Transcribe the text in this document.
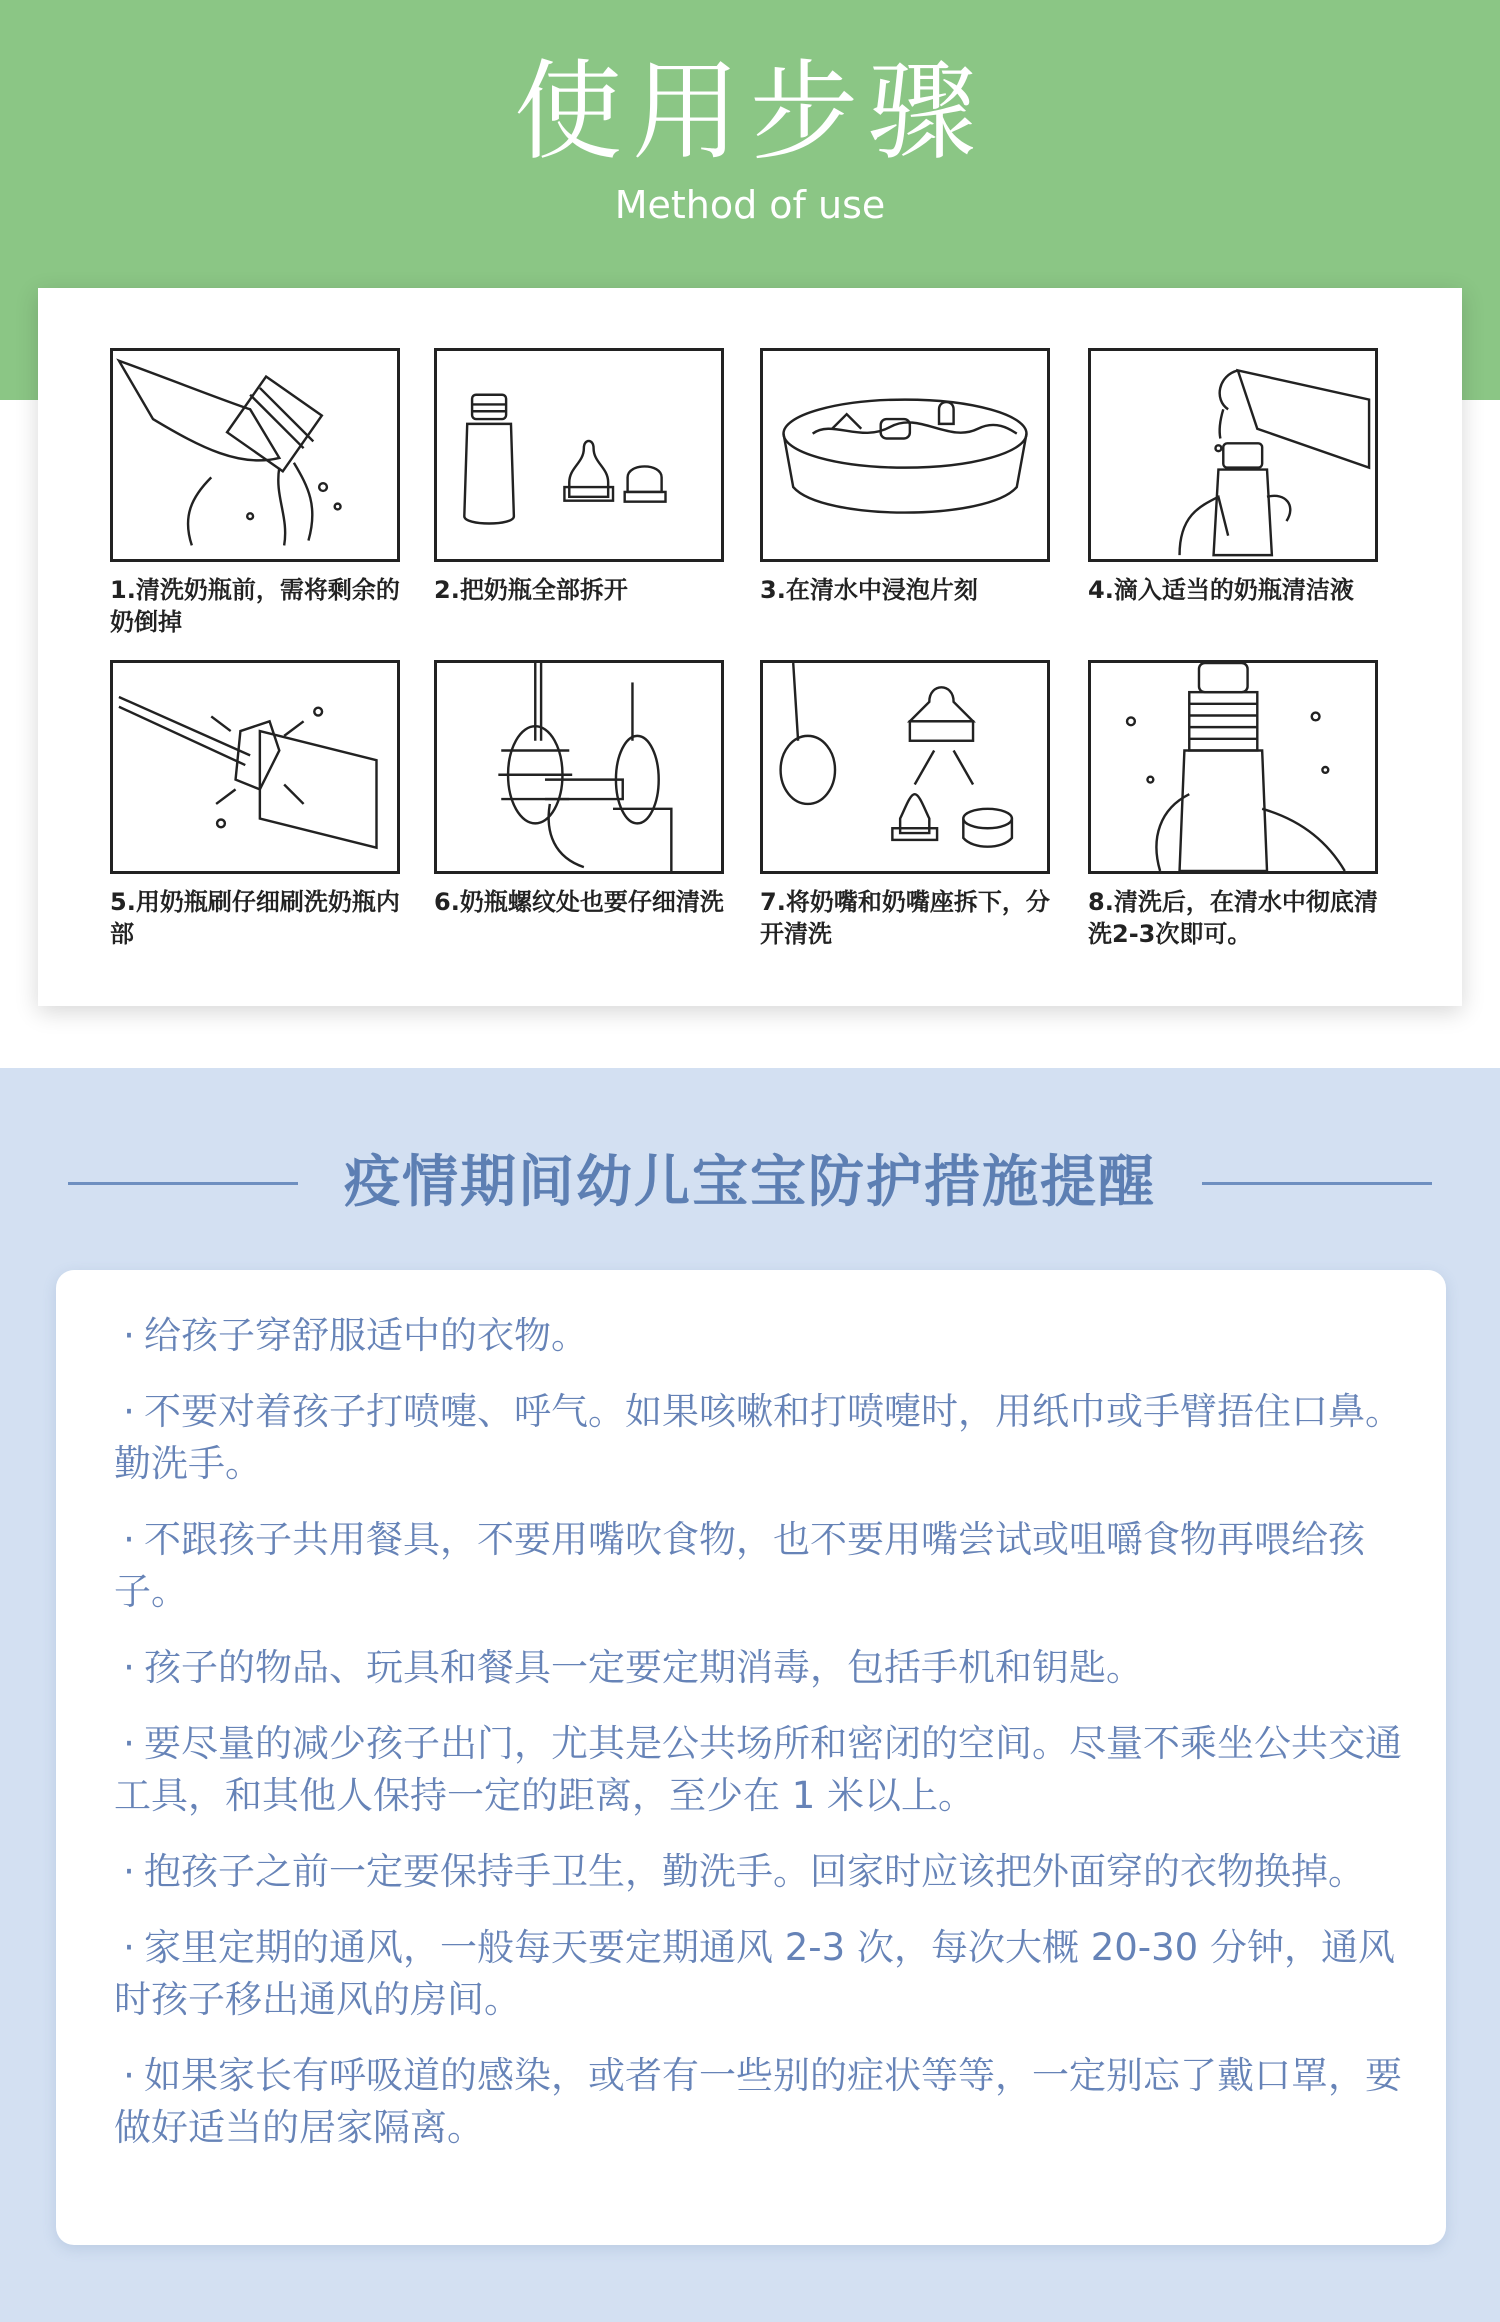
使用步骤
Method of use
1.清洗奶瓶前，需将剩余的奶倒掉
2.把奶瓶全部拆开	3.在清水中浸泡片刻	4.滴入适当的奶瓶清洁液
5.用奶瓶刷仔细刷洗奶瓶内部
6.奶瓶螺纹处也要仔细清洗	7.将奶嘴和奶嘴座拆下，分开清洗
8.清洗后，在清水中彻底清洗2-3次即可。
疫情期间幼儿宝宝防护措施提醒
· 给孩子穿舒服适中的衣物。
· 不要对着孩子打喷嚏、呼气。如果咳嗽和打喷嚏时，用纸巾或手臂捂住口鼻。勤洗手。
· 不跟孩子共用餐具，不要用嘴吹食物，也不要用嘴尝试或咀嚼食物再喂给孩子。
· 孩子的物品、玩具和餐具一定要定期消毒，包括手机和钥匙。
· 要尽量的减少孩子出门，尤其是公共场所和密闭的空间。尽量不乘坐公共交通工具，和其他人保持一定的距离，至少在 1 米以上。
· 抱孩子之前一定要保持手卫生，勤洗手。回家时应该把外面穿的衣物换掉。
· 家里定期的通风，一般每天要定期通风 2-3 次，每次大概 20-30 分钟，通风时孩子移出通风的房间。
· 如果家长有呼吸道的感染，或者有一些别的症状等等，一定别忘了戴口罩，要做好适当的居家隔离。
